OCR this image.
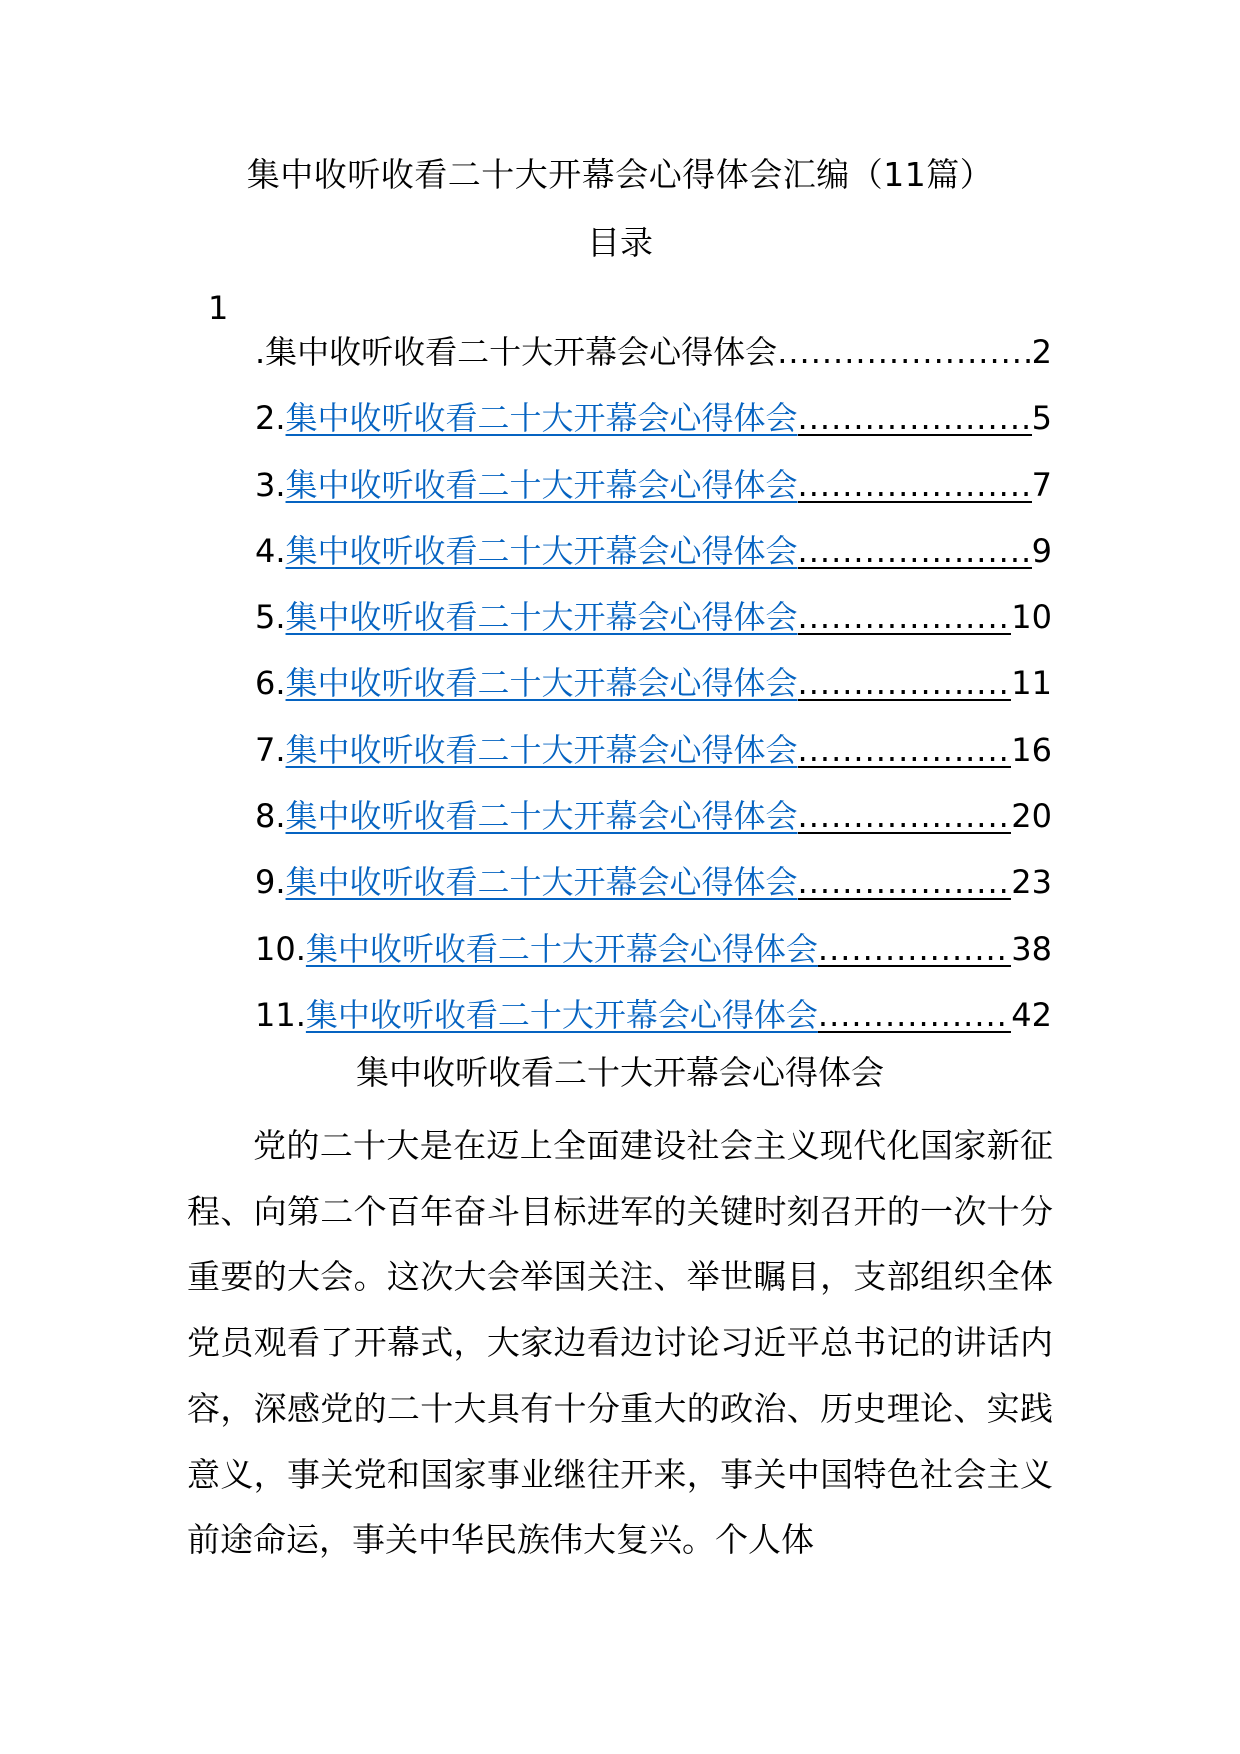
集中收听收看二十大开幕会心得体会汇编（11篇）
目录
1
.集中收听收看二十大开幕会心得体会 .....	2
2. 集中收听收看二十大开幕会心得体会 .....	5
3. 集中收听收看二十大开幕会心得体会 .....	7
4. 集中收听收看二十大开幕会心得体会 .....	9
5. 集中收听收看二十大开幕会心得体会 .....	10
6. 集中收听收看二十大开幕会心得体会 .....	11
7. 集中收听收看二十大开幕会心得体会 .....	16
8. 集中收听收看二十大开幕会心得体会 .....	20
9. 集中收听收看二十大开幕会心得体会 .....	23
10. 集中收听收看二十大开幕会心得体会 .....	38
11. 集中收听收看二十大开幕会心得体会 .....	42
集中收听收看二十大开幕会心得体会

党的二十大是在迈上全面建设社会主义现代化国家新征程、向第二个百年奋斗目标进军的关键时刻召开的一次十分重要的大会。这次大会举国关注、举世瞩目，支部组织全体党员观看了开幕式，大家边看边讨论习近平总书记的讲话内容，深感党的二十大具有十分重大的政治、历史理论、实践意义，事关党和国家事业继往开来，事关中国特色社会主义前途命运，事关中华民族伟大复兴。个人体
